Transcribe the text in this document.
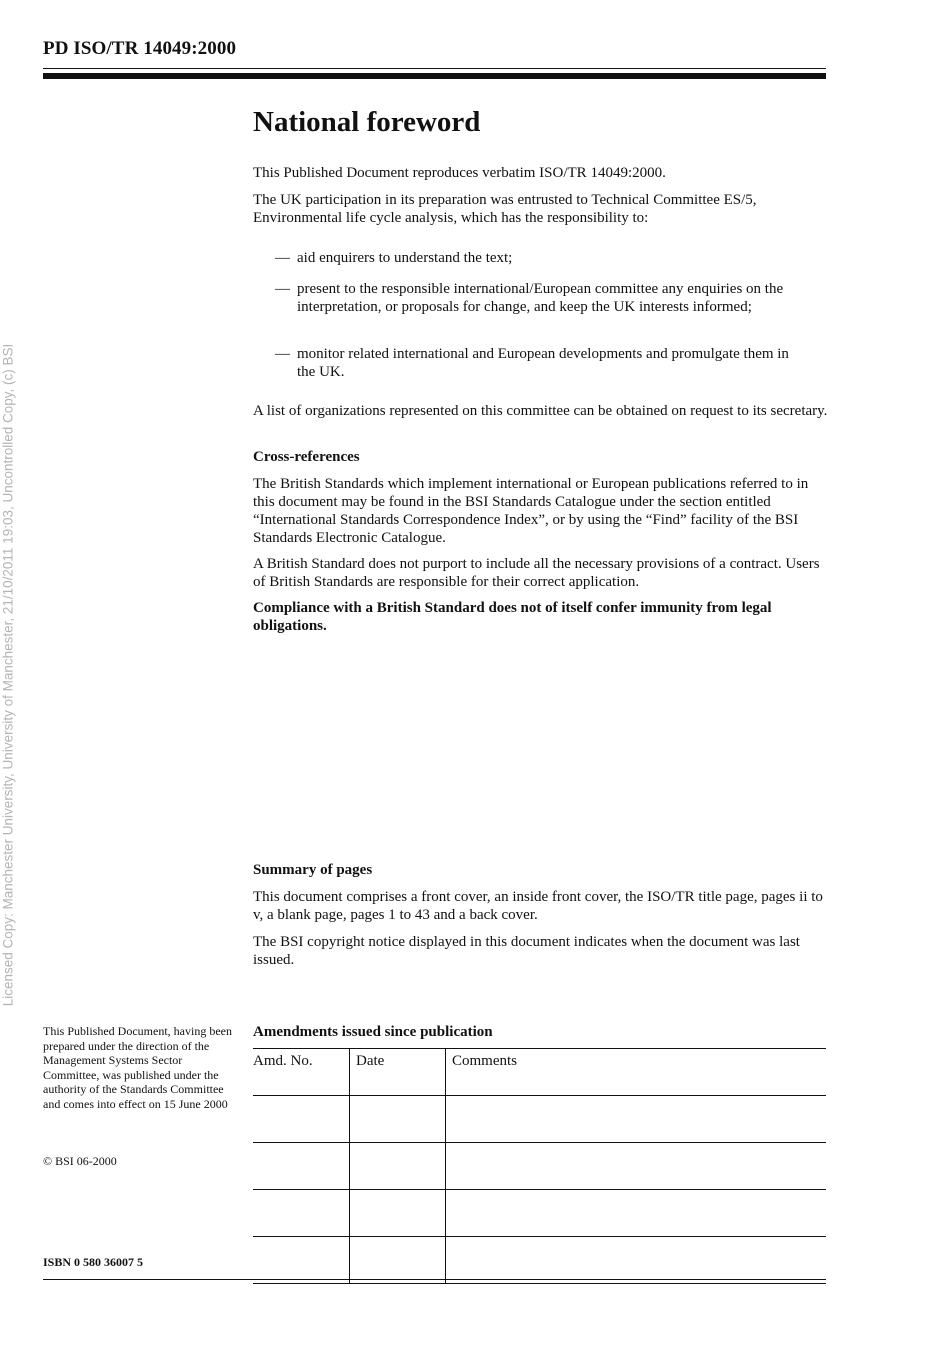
PD ISO/TR 14049:2000
Licensed Copy: Manchester University, University of Manchester, 21/10/2011 19:03, Uncontrolled Copy, (c) BSI
National foreword

This Published Document reproduces verbatim ISO/TR 14049:2000.

The UK participation in its preparation was entrusted to Technical Committee ES/5, Environmental life cycle analysis, which has the responsibility to:

— aid enquirers to understand the text;
— present to the responsible international/European committee any enquiries on the interpretation, or proposals for change, and keep the UK interests informed;
— monitor related international and European developments and promulgate them in the UK.

A list of organizations represented on this committee can be obtained on request to its secretary.

Cross-references

The British Standards which implement international or European publications referred to in this document may be found in the BSI Standards Catalogue under the section entitled “International Standards Correspondence Index”, or by using the “Find” facility of the BSI Standards Electronic Catalogue.

A British Standard does not purport to include all the necessary provisions of a contract. Users of British Standards are responsible for their correct application.

Compliance with a British Standard does not of itself confer immunity from legal obligations.

Summary of pages

This document comprises a front cover, an inside front cover, the ISO/TR title page, pages ii to v, a blank page, pages 1 to 43 and a back cover.

The BSI copyright notice displayed in this document indicates when the document was last issued.

This Published Document, having been prepared under the direction of the Management Systems Sector Committee, was published under the authority of the Standards Committee and comes into effect on 15 June 2000

© BSI 06-2000

ISBN 0 580 36007 5

Amendments issued since publication

Amd. No.	Date	Comments
